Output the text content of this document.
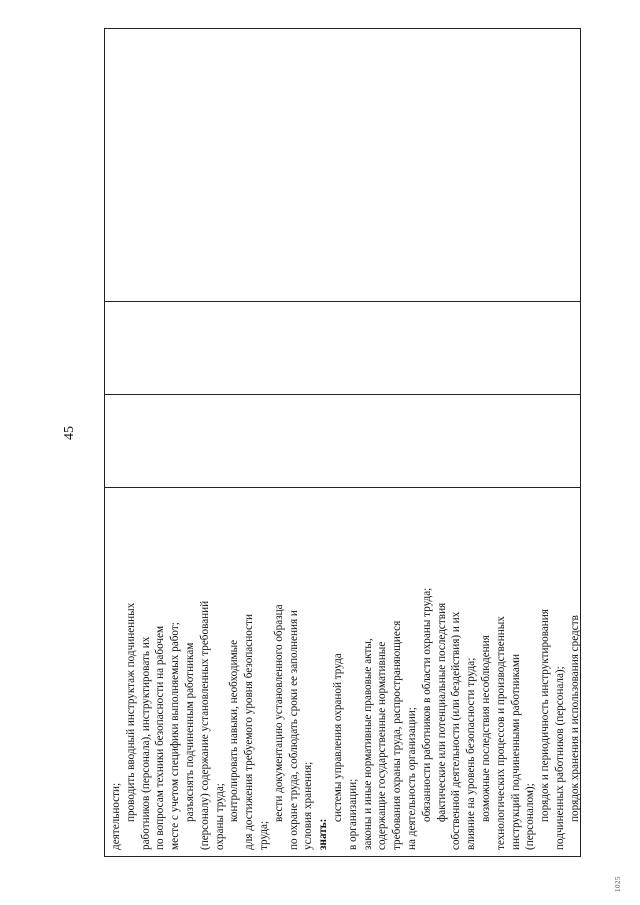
45

деятельности; проводить вводный инструктаж подчиненных работников (персонала), инструктировать их по вопросам техники безопасности на рабочем месте с учетом специфики выполняемых работ; разъяснять подчиненным работникам (персоналу) содержание установленных требований охраны труда; контролировать навыки, необходимые для достижения требуемого уровня безопасности труда;
вести документацию установленного образца по охране труда, соблюдать сроки ее заполнения и условия хранения; знать:
системы управления охраной труда в организации; законы и иные нормативные правовые акты, содержащие государственные нормативные требования охраны труда, распространяющиеся на деятельность организации; обязанности работников в области охраны труда; фактические или потенциальные последствия собственной деятельности (или бездействия) и их влияние на уровень безопасности труда; возможные последствия несоблюдения технологических процессов и производственных инструкций подчиненными работниками (персоналом); порядок и периодичность инструктирования подчиненных работников (персонала); порядок хранения и использования средств
1025
